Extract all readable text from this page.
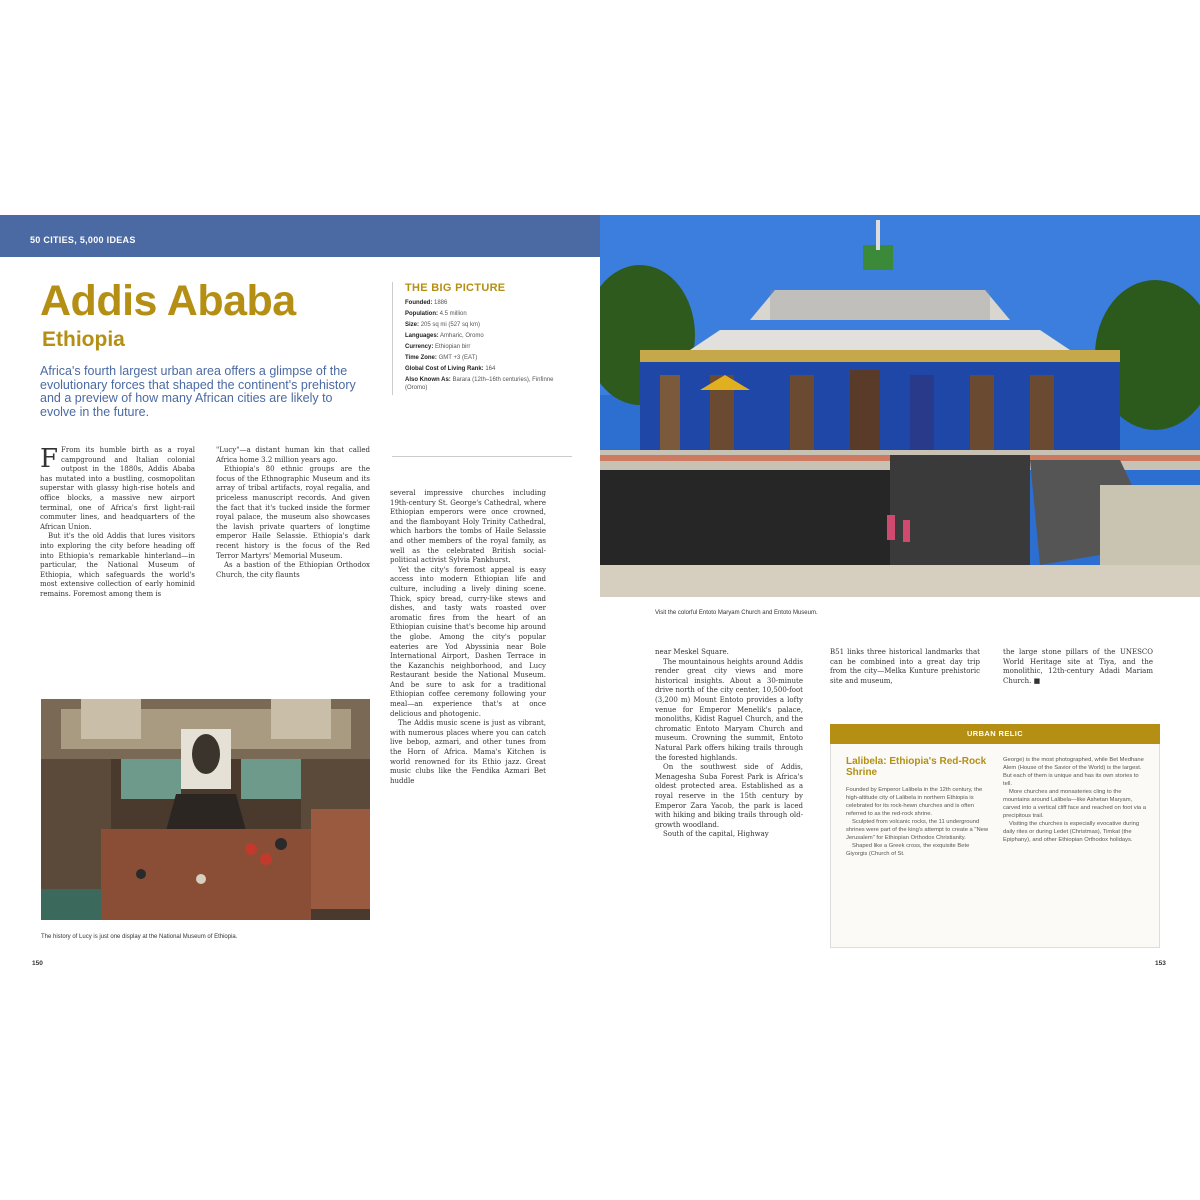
50 CITIES, 5,000 IDEAS
Addis Ababa
Ethiopia
Africa's fourth largest urban area offers a glimpse of the evolutionary forces that shaped the continent's prehistory and a preview of how many African cities are likely to evolve in the future.
THE BIG PICTURE
Founded: 1886
Population: 4.5 million
Size: 205 sq mi (527 sq km)
Languages: Amharic, Oromo
Currency: Ethiopian birr
Time Zone: GMT +3 (EAT)
Global Cost of Living Rank: 164
Also Known As: Barara (12th–16th centuries), Finfinne (Oromo)

F From its humble birth as a royal campground and Italian colonial outpost in the 1880s, Addis Ababa has mutated into a bustling, cosmopolitan superstar with glassy high-rise hotels and office blocks, a massive new airport terminal, one of Africa's first light-rail commuter lines, and headquarters of the African Union.

But it's the old Addis that lures visitors into exploring the city before heading off into Ethiopia's remarkable hinterland—in particular, the National Museum of Ethiopia, which safeguards the world's most extensive collection of early hominid remains. Foremost among them is

"Lucy"—a distant human kin that called Africa home 3.2 million years ago.

Ethiopia's 80 ethnic groups are the focus of the Ethnographic Museum and its array of tribal artifacts, royal regalia, and priceless manuscript records. And given the fact that it's tucked inside the former royal palace, the museum also showcases the lavish private quarters of longtime emperor Haile Selassie. Ethiopia's dark recent history is the focus of the Red Terror Martyrs' Memorial Museum.

As a bastion of the Ethiopian Orthodox Church, the city flaunts

several impressive churches including 19th-century St. George's Cathedral, where Ethiopian emperors were once crowned, and the flamboyant Holy Trinity Cathedral, which harbors the tombs of Haile Selassie and other members of the royal family, as well as the celebrated British social-political activist Sylvia Pankhurst.

Yet the city's foremost appeal is easy access into modern Ethiopian life and culture, including a lively dining scene. Thick, spicy bread, curry-like stews and dishes, and tasty wats roasted over aromatic fires from the heart of an Ethiopian cuisine that's become hip around the globe. Among the city's popular eateries are Yod Abyssinia near Bole International Airport, Dashen Terrace in the Kazanchis neighborhood, and Lucy Restaurant beside the National Museum. And be sure to ask for a traditional Ethiopian coffee ceremony following your meal—an experience that's at once delicious and photogenic.

The Addis music scene is just as vibrant, with numerous places where you can catch live bebop, azmari, and other tunes from the Horn of Africa. Mama's Kitchen is world renowned for its Ethio jazz. Great music clubs like the Fendika Azmari Bet huddle

The history of Lucy is just one display at the National Museum of Ethiopia.
150
Visit the colorful Entoto Maryam Church and Entoto Museum.

near Meskel Square.

The mountainous heights around Addis render great city views and more historical insights. About a 30-minute drive north of the city center, 10,500-foot (3,200 m) Mount Entoto provides a lofty venue for Emperor Menelik's palace, monoliths, Kidist Raguel Church, and the chromatic Entoto Maryam Church and museum. Crowning the summit, Entoto Natural Park offers hiking trails through the forested highlands.

On the southwest side of Addis, Menagesha Suba Forest Park is Africa's oldest protected area. Established as a royal reserve in the 15th century by Emperor Zara Yacob, the park is laced with hiking and biking trails through old-growth woodland.

South of the capital, Highway

B51 links three historical landmarks that can be combined into a great day trip from the city—Melka Kunture prehistoric site and museum,

the large stone pillars of the UNESCO World Heritage site at Tiya, and the monolithic, 12th-century Adadi Mariam Church. ■

URBAN RELIC
Lalibela: Ethiopia's Red-Rock Shrine

Founded by Emperor Lalibela in the 12th century, the high-altitude city of Lalibela in northern Ethiopia is celebrated for its rock-hewn churches and is often referred to as the red-rock shrine.

Sculpted from volcanic rocks, the 11 underground shrines were part of the king's attempt to create a "New Jerusalem" for Ethiopian Orthodox Christianity.

Shaped like a Greek cross, the exquisite Bete Giyorgis (Church of St.

George) is the most photographed, while Bet Medhane Alem (House of the Savior of the World) is the largest. But each of them is unique and has its own stories to tell.

More churches and monasteries cling to the mountains around Lalibela—like Ashetan Maryam, carved into a vertical cliff face and reached on foot via a precipitous trail.

Visiting the churches is especially evocative during daily rites or during Ledet (Christmas), Timkat (the Epiphany), and other Ethiopian Orthodox holidays.

153
